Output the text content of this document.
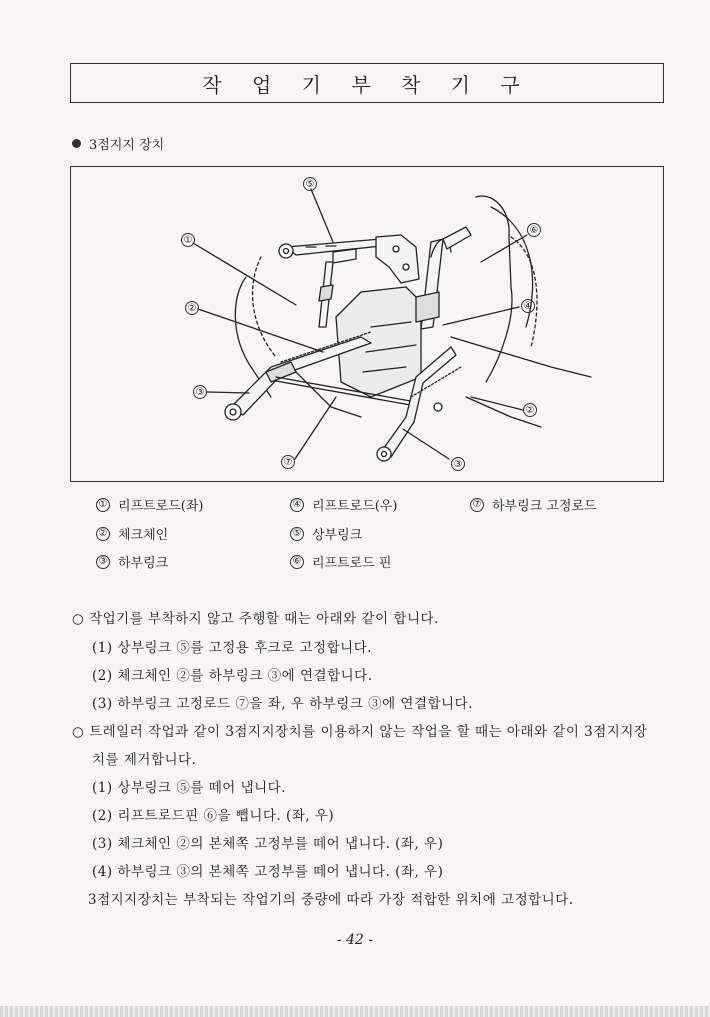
작 업 기 부 착 기 구
3점지지 장치
⑤
①
⑥
②	④
③
②
⑦	③
① 리프트로드(좌)	④ 리프트로드(우)	⑦ 하부링크 고정로드
② 체크체인	⑤ 상부링크
③ 하부링크	⑥ 리프트로드 핀
○ 작업기를 부착하지 않고 주행할 때는 아래와 같이 합니다.
(1) 상부링크 ⑤를 고정용 후크로 고정합니다.
(2) 체크체인 ②를 하부링크 ③에 연결합니다.
(3) 하부링크 고정로드 ⑦을 좌, 우 하부링크 ③에 연결합니다.
○ 트레일러 작업과 같이 3점지지장치를 이용하지 않는 작업을 할 때는 아래와 같이 3점지지장
치를 제거합니다.
(1) 상부링크 ⑤를 떼어 냅니다.
(2) 리프트로드핀 ⑥을 뺍니다. (좌, 우)
(3) 체크체인 ②의 본체쪽 고정부를 떼어 냅니다. (좌, 우)
(4) 하부링크 ③의 본체쪽 고정부를 떼어 냅니다. (좌, 우)
3점지지장치는 부착되는 작업기의 중량에 따라 가장 적합한 위치에 고정합니다.
- 42 -
